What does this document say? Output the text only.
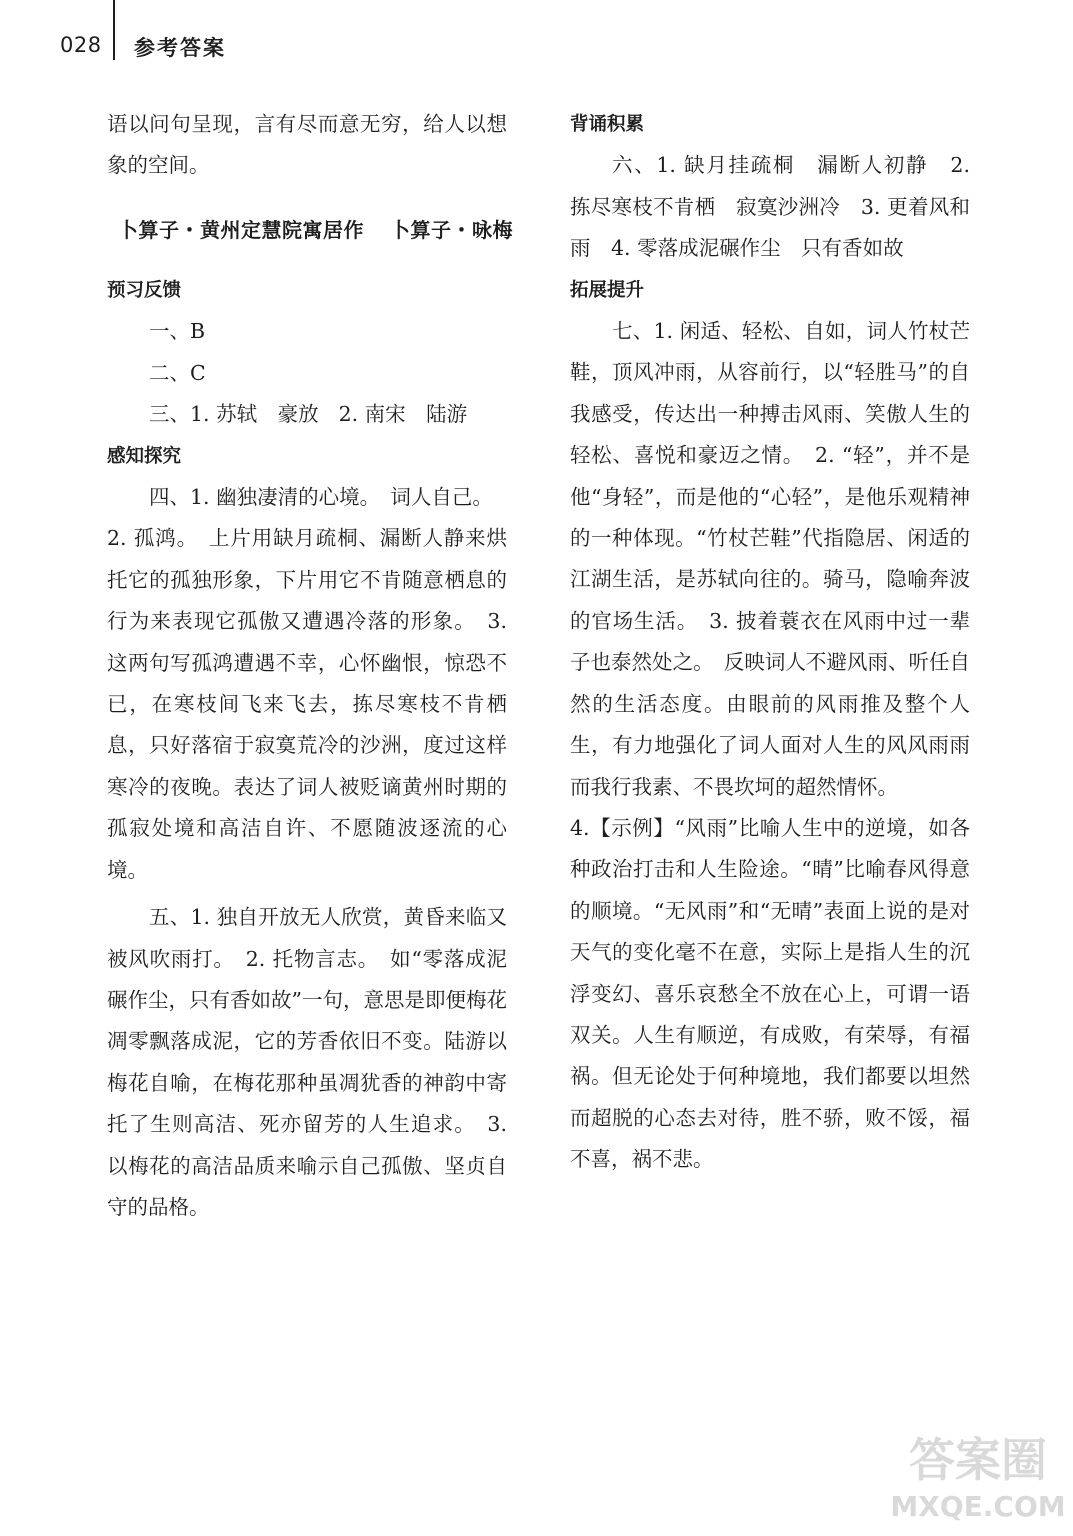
028 参考答案

语以问句呈现，言有尽而意无穷，给人以想象的空间。

卜算子・黄州定慧院寓居作 卜算子・咏梅

预习反馈

一、B

二、C

三、1. 苏轼　豪放 2. 南宋　陆游

感知探究

四、1. 幽独凄清的心境。　词人自己。

2. 孤鸿。　上片用缺月疏桐、漏断人静来烘托它的孤独形象，下片用它不肯随意栖息的行为来表现它孤傲又遭遇冷落的形象。　3. 这两句写孤鸿遭遇不幸，心怀幽恨，惊恐不已，在寒枝间飞来飞去，拣尽寒枝不肯栖息，只好落宿于寂寞荒冷的沙洲，度过这样寒冷的夜晚。表达了词人被贬谪黄州时期的孤寂处境和高洁自许、不愿随波逐流的心境。

五、1. 独自开放无人欣赏，黄昏来临又被风吹雨打。　2. 托物言志。　如“零落成泥碾作尘，只有香如故”一句，意思是即便梅花凋零飘落成泥，它的芳香依旧不变。陆游以梅花自喻，在梅花那种虽凋犹香的神韵中寄托了生则高洁、死亦留芳的人生追求。　3. 以梅花的高洁品质来喻示自己孤傲、坚贞自守的品格。

背诵积累

六、1. 缺月挂疏桐　漏断人初静　2. 拣尽寒枝不肯栖　寂寞沙洲冷　3. 更着风和雨　4. 零落成泥碾作尘　只有香如故

拓展提升

七、1. 闲适、轻松、自如，词人竹杖芒鞋，顶风冲雨，从容前行，以“轻胜马”的自我感受，传达出一种搏击风雨、笑傲人生的轻松、喜悦和豪迈之情。　2. “轻”，并不是他“身轻”，而是他的“心轻”，是他乐观精神的一种体现。“竹杖芒鞋”代指隐居、闲适的江湖生活，是苏轼向往的。骑马，隐喻奔波的官场生活。　3. 披着蓑衣在风雨中过一辈子也泰然处之。　反映词人不避风雨、听任自然的生活态度。由眼前的风雨推及整个人生，有力地强化了词人面对人生的风风雨雨而我行我素、不畏坎坷的超然情怀。

4.【示例】“风雨”比喻人生中的逆境，如各种政治打击和人生险途。“晴”比喻春风得意的顺境。“无风雨”和“无晴”表面上说的是对天气的变化毫不在意，实际上是指人生的沉浮变幻、喜乐哀愁全不放在心上，可谓一语双关。人生有顺逆，有成败，有荣辱，有福祸。但无论处于何种境地，我们都要以坦然而超脱的心态去对待，胜不骄，败不馁，福不喜，祸不悲。

答案圈
MXQE.COM
